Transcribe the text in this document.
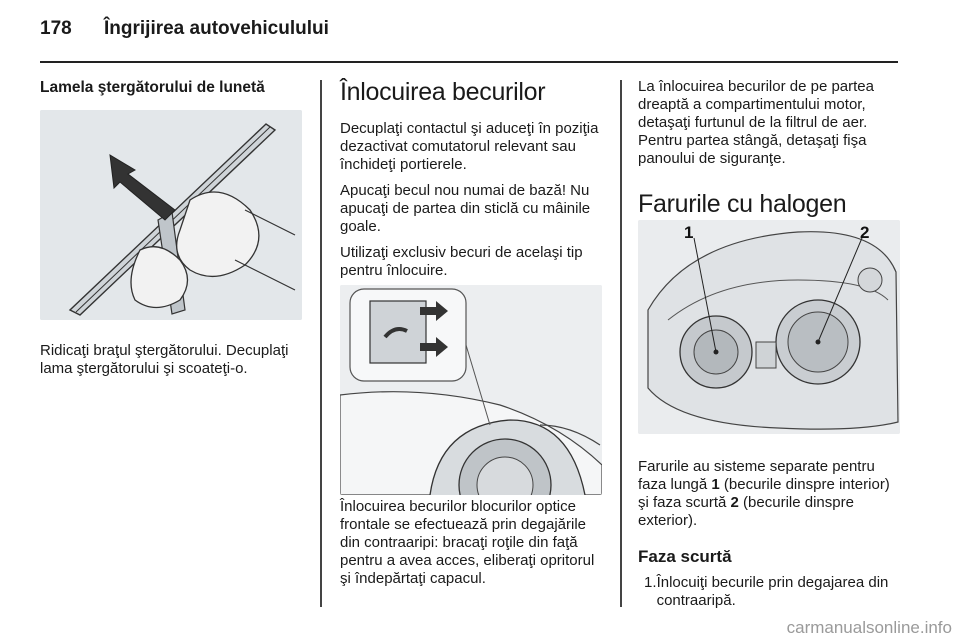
178	Îngrijirea autovehiculului
Lamela ştergătorului de lunetă

Ridicaţi braţul ştergătorului. Decuplaţi lama ştergătorului şi scoateţi-o.

Înlocuirea becurilor

Decuplaţi contactul şi aduceţi în poziţia dezactivat comutatorul relevant sau închideţi portierele.

Apucaţi becul nou numai de bază! Nu apucaţi de partea din sticlă cu mâinile goale.

Utilizaţi exclusiv becuri de acelaşi tip pentru înlocuire.

Înlocuirea becurilor blocurilor optice frontale se efectuează prin degajările din contraaripi: bracaţi roţile din faţă pentru a avea acces, eliberaţi opritorul şi îndepărtaţi capacul.

La înlocuirea becurilor de pe partea dreaptă a compartimentului motor, detaşaţi furtunul de la filtrul de aer. Pentru partea stângă, detaşaţi fişa panoului de siguranţe.

Farurile cu halogen

Farurile au sisteme separate pentru faza lungă 1 (becurile dinspre interior) şi faza scurtă 2 (becurile dinspre exterior).

Faza scurtă
1. Înlocuiţi becurile prin degajarea din contraaripă.
1	2
carmanualsonline.info
